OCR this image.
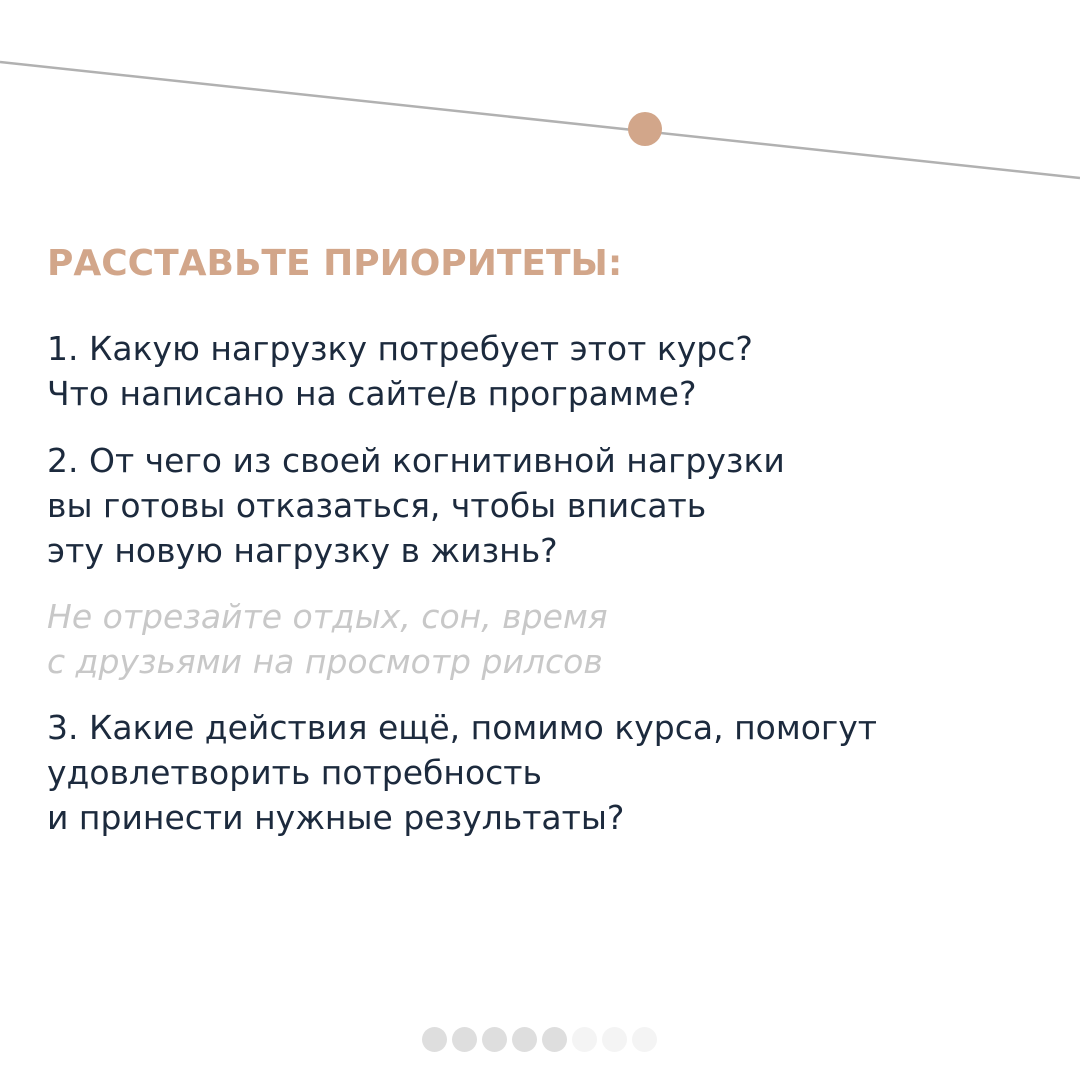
РАССТАВЬТЕ ПРИОРИТЕТЫ:

1. Какую нагрузку потребует этот курс?
Что написано на сайте/в программе?

2. От чего из своей когнитивной нагрузки
вы готовы отказаться, чтобы вписать
эту новую нагрузку в жизнь?

Не отрезайте отдых, сон, время
с друзьями на просмотр рилсов

3. Какие действия ещё, помимо курса, помогут
удовлетворить потребность
и принести нужные результаты?
